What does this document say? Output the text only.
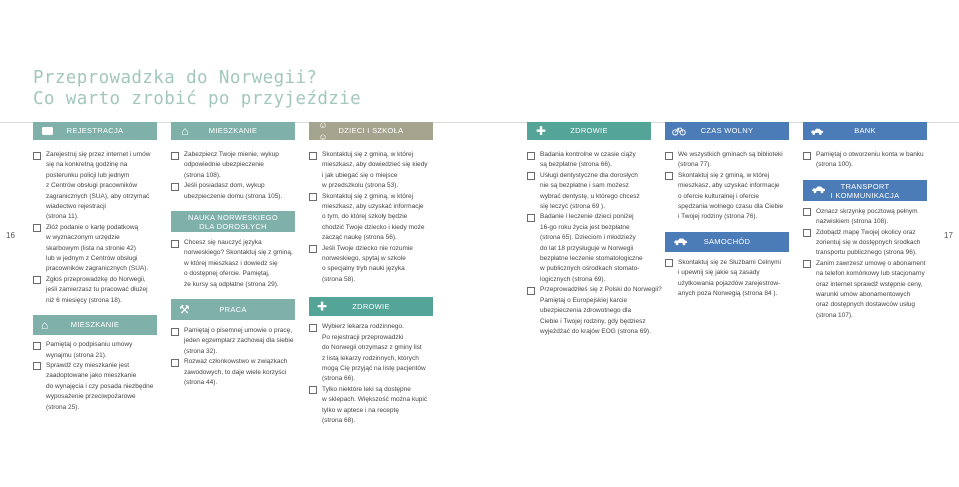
Przeprowadzka do Norwegii?
Co warto zrobić po przyjeździe
REJESTRACJA	⌂	MIESZKANIE
☺☺
DZIECI I SZKOŁA	✚	ZDROWIE	CZAS WOLNY	BANK
16	17
Zarejestruj się przez internet i umów
się na konkretną godzinę na
posterunku policji lub jednym
z Centrów obsługi pracowników
zagranicznych (SUA), aby otrzymać
wiadectwo rejestracji
(strona 11).
Złóż podanie o kartę podatkową
w wyznaczonym urzędzie
skarbowym (lista na stronie 42)
lub w jednym z Centrów obsługi
pracowników zagranicznych (SUA).
Zgłoś przeprowadzkę do Norwegii,
jeśli zamierzasz tu pracować dłużej
niż 6 miesięcy (strona 18).
⌂	MIESZKANIE
Pamiętaj o podpisaniu umowy
wynajmu (strona 21).
Sprawdź czy mieszkanie jest
zaadoptowane jako mieszkanie
do wynajęcia i czy posada niezbędne
wyposażenie przeciwpożarowe
(strona 25).
Zabezpiecz Twoje mienie, wykup
odpowiednie ubezpieczenie
(strona 108).
Jeśli posiadasz dom, wykup
ubezpieczenie domu (strona 105).
NAUKA NORWESKIEGO
DLA DOROSŁYCH
Chcesz się nauczyć języka
norweskiego? Skontaktuj się z gminą,
w której mieszkasz i dowiedz się
o dostępnej ofercie. Pamiętaj,
że kursy są odpłatne (strona 29).
⚒	PRACA
Pamiętaj o pisemnej umowie o pracę,
jeden egzemplarz zachowaj dla siebie
(strona 32).
Rozważ członkowstwo w związkach
zawodowych, to daje wiele korzyści
(strona 44).
Skontaktuj się z gminą, w której
mieszkasz, aby dowiedzieć się kiedy
i jak ubiegać się o miejsce
w przedszkolu (strona 53).
Skontaktuj się z gminą, w której
mieszkasz, aby uzyskać informacje
o tym, do której szkoły będzie
chodzić Twoje dziecko i kiedy może
zacząć naukę (strona 56).
Jeśli Twoje dziecko nie rozumie
norweskiego, spytaj w szkole
o specjalny tryb nauki języka
(strona 58).
✚	ZDROWIE
Wybierz lekarza rodzinnego.
Po rejestracji przeprowadzki
do Norwegii otrzymasz z gminy list
z listą lekarzy rodzinnych, których
mogą Cię przyjąć na listę pacjentów
(strona 66).
Tylko niektóre leki są dostępne
w sklepach. Większość można kupić
tylko w aptece i na receptę
(strona 68).
Badania kontrolne w czasie ciąży
są bezpłatne (strona 66).
Usługi dentystyczne dla dorosłych
nie są bezpłatne i sam możesz
wybrać dentystę, u którego chcesz
się leczyć (strona 69 ).
Badanie i leczenie dzieci poniżej
16-go roku życia jest bezpłatne
(strona 65). Dzieciom i młodzieży
do lat 18 przysługuje w Norwegii
bezpłatne leczenie stomatologiczne
w publicznych ośrodkach stomato-
logicznych (strona 69).
Przeprowadziłeś się z Polski do Norwegii?
Pamiętaj o Europejskiej karcie
ubezpieczenia zdrowotnego dla
Ciebie i Twojej rodziny, gdy będziesz
wyjeżdżać do krajów EOG (strona 69).
We wszystkich gminach są biblioteki
(strona 77).
Skontaktuj się z gminą, w której
mieszkasz, aby uzyskać informacje
o ofercie kulturalnej i ofercie
spędzania wolnego czasu dla Ciebie
i Twojej rodziny (strona 76).
SAMOCHÓD
Skontaktuj się ze Służbami Celnymi
i upewnij się jakie są zasady
użytkowania pojazdów zarejestrow-
anych poza Norwegią (strona 84 ).
Pamiętaj o otworzeniu konta w banku
(strona 100).
TRANSPORT
I KOMMUNIKACJA
Oznacz skrzynkę pocztową pełnym
nazwiskiem (strona 108).
Zdobądź mapę Twojej okolicy oraz
zorientuj się w dostępnych środkach
transportu publicznego (strona 96).
Zanim zawrzesz umowę o abonament
na telefon komórkowy lub stacjonarny
oraz internet sprawdź wstępnie ceny,
warunki umów abonamentowych
oraz dostępnych dostawców usług
(strona 107).
